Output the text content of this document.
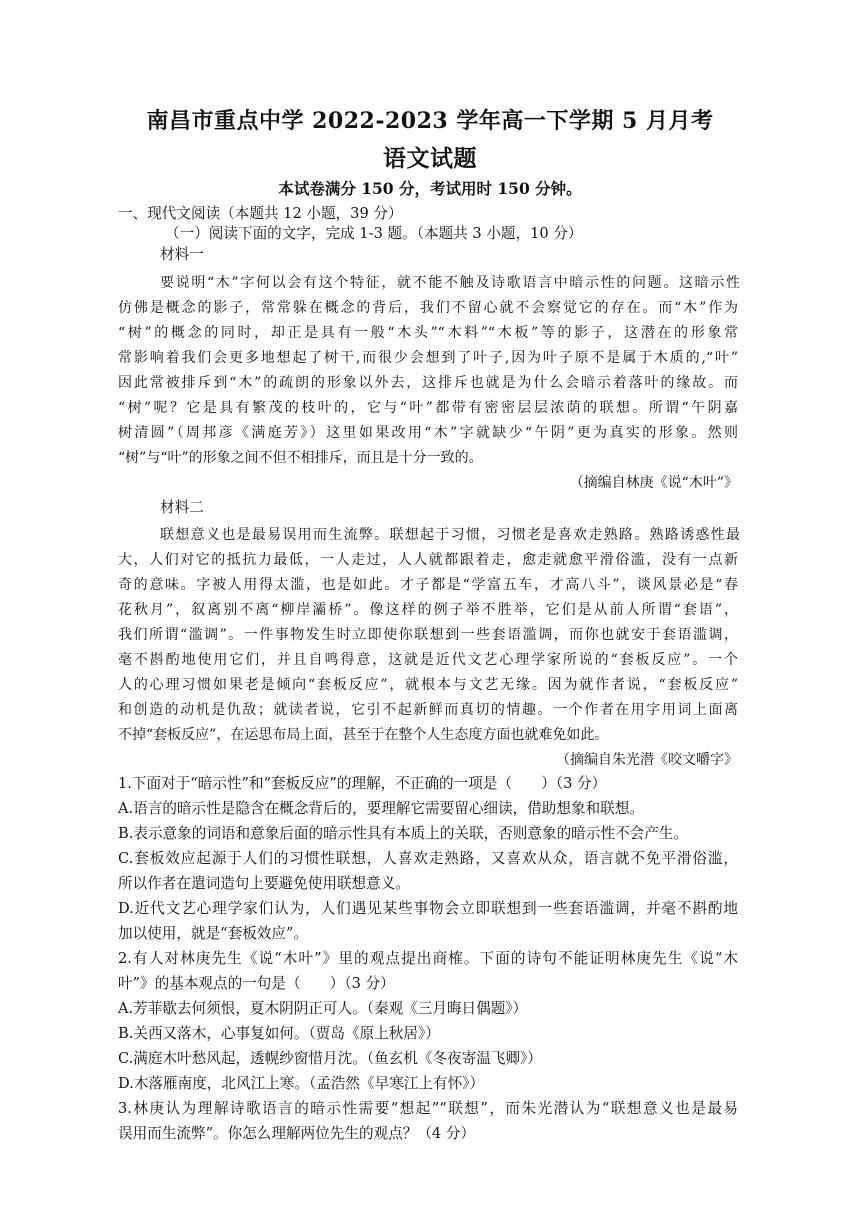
南昌市重点中学 2022-2023 学年高一下学期 5 月月考
语文试题
本试卷满分 150 分，考试用时 150 分钟。
一、现代文阅读（本题共 12 小题，39 分）
（一）阅读下面的文字，完成 1-3 题。（本题共 3 小题，10 分）
材料一
要说明“木”字何以会有这个特征，就不能不触及诗歌语言中暗示性的问题。这暗示性
仿佛是概念的影子，常常躲在概念的背后，我们不留心就不会察觉它的存在。而“木”作为
“树”的概念的同时，却正是具有一般“木头”“木料”“木板”等的影子，这潜在的形象常
常影响着我们会更多地想起了树干,而很少会想到了叶子,因为叶子原不是属于木质的,“叶”
因此常被排斥到“木”的疏朗的形象以外去，这排斥也就是为什么会暗示着落叶的缘故。而
“树”呢？它是具有繁茂的枝叶的，它与“叶”都带有密密层层浓荫的联想。所谓“午阴嘉
树清圆”（周邦彦《满庭芳》）这里如果改用“木”字就缺少“午阴”更为真实的形象。然则
“树”与“叶”的形象之间不但不相排斥，而且是十分一致的。
（摘编自林庚《说“木叶”》
材料二
联想意义也是最易误用而生流弊。联想起于习惯，习惯老是喜欢走熟路。熟路诱惑性最
大，人们对它的抵抗力最低，一人走过，人人就都跟着走，愈走就愈平滑俗滥，没有一点新
奇的意味。字被人用得太滥，也是如此。才子都是“学富五车，才高八斗”，谈风景必是“春
花秋月”，叙离别不离“柳岸灞桥”。像这样的例子举不胜举，它们是从前人所谓“套语”，
我们所谓“滥调”。一件事物发生时立即使你联想到一些套语滥调，而你也就安于套语滥调，
毫不斟酌地使用它们，并且自鸣得意，这就是近代文艺心理学家所说的“套板反应”。一个
人的心理习惯如果老是倾向“套板反应”，就根本与文艺无缘。因为就作者说，“套板反应”
和创造的动机是仇敌；就读者说，它引不起新鲜而真切的情趣。一个作者在用字用词上面离
不掉“套板反应”，在运思布局上面，甚至于在整个人生态度方面也就难免如此。
（摘编自朱光潜《咬文嚼字》
1.下面对于“暗示性”和“套板反应”的理解，不正确的一项是（　　）（3 分）
A.语言的暗示性是隐含在概念背后的，要理解它需要留心细读，借助想象和联想。
B.表示意象的词语和意象后面的暗示性具有本质上的关联，否则意象的暗示性不会产生。
C.套板效应起源于人们的习惯性联想，人喜欢走熟路，又喜欢从众，语言就不免平滑俗滥，
所以作者在遣词造句上要避免使用联想意义。
D.近代文艺心理学家们认为，人们遇见某些事物会立即联想到一些套语滥调，并毫不斟酌地
加以使用，就是“套板效应”。
2.有人对林庚先生《说“木叶”》里的观点提出商榷。下面的诗句不能证明林庚先生《说“木
叶”》的基本观点的一句是（　　）（3 分）
A.芳菲歇去何须恨，夏木阴阴正可人。（秦观《三月晦日偶题》）
B.关西又落木，心事复如何。（贾岛《原上秋居》）
C.满庭木叶愁风起，透幌纱窗惜月沈。（鱼玄机《冬夜寄温飞卿》）
D.木落雁南度，北风江上寒。（孟浩然《早寒江上有怀》）
3.林庚认为理解诗歌语言的暗示性需要“想起”“联想”，而朱光潜认为“联想意义也是最易
误用而生流弊”。你怎么理解两位先生的观点？（4 分）
